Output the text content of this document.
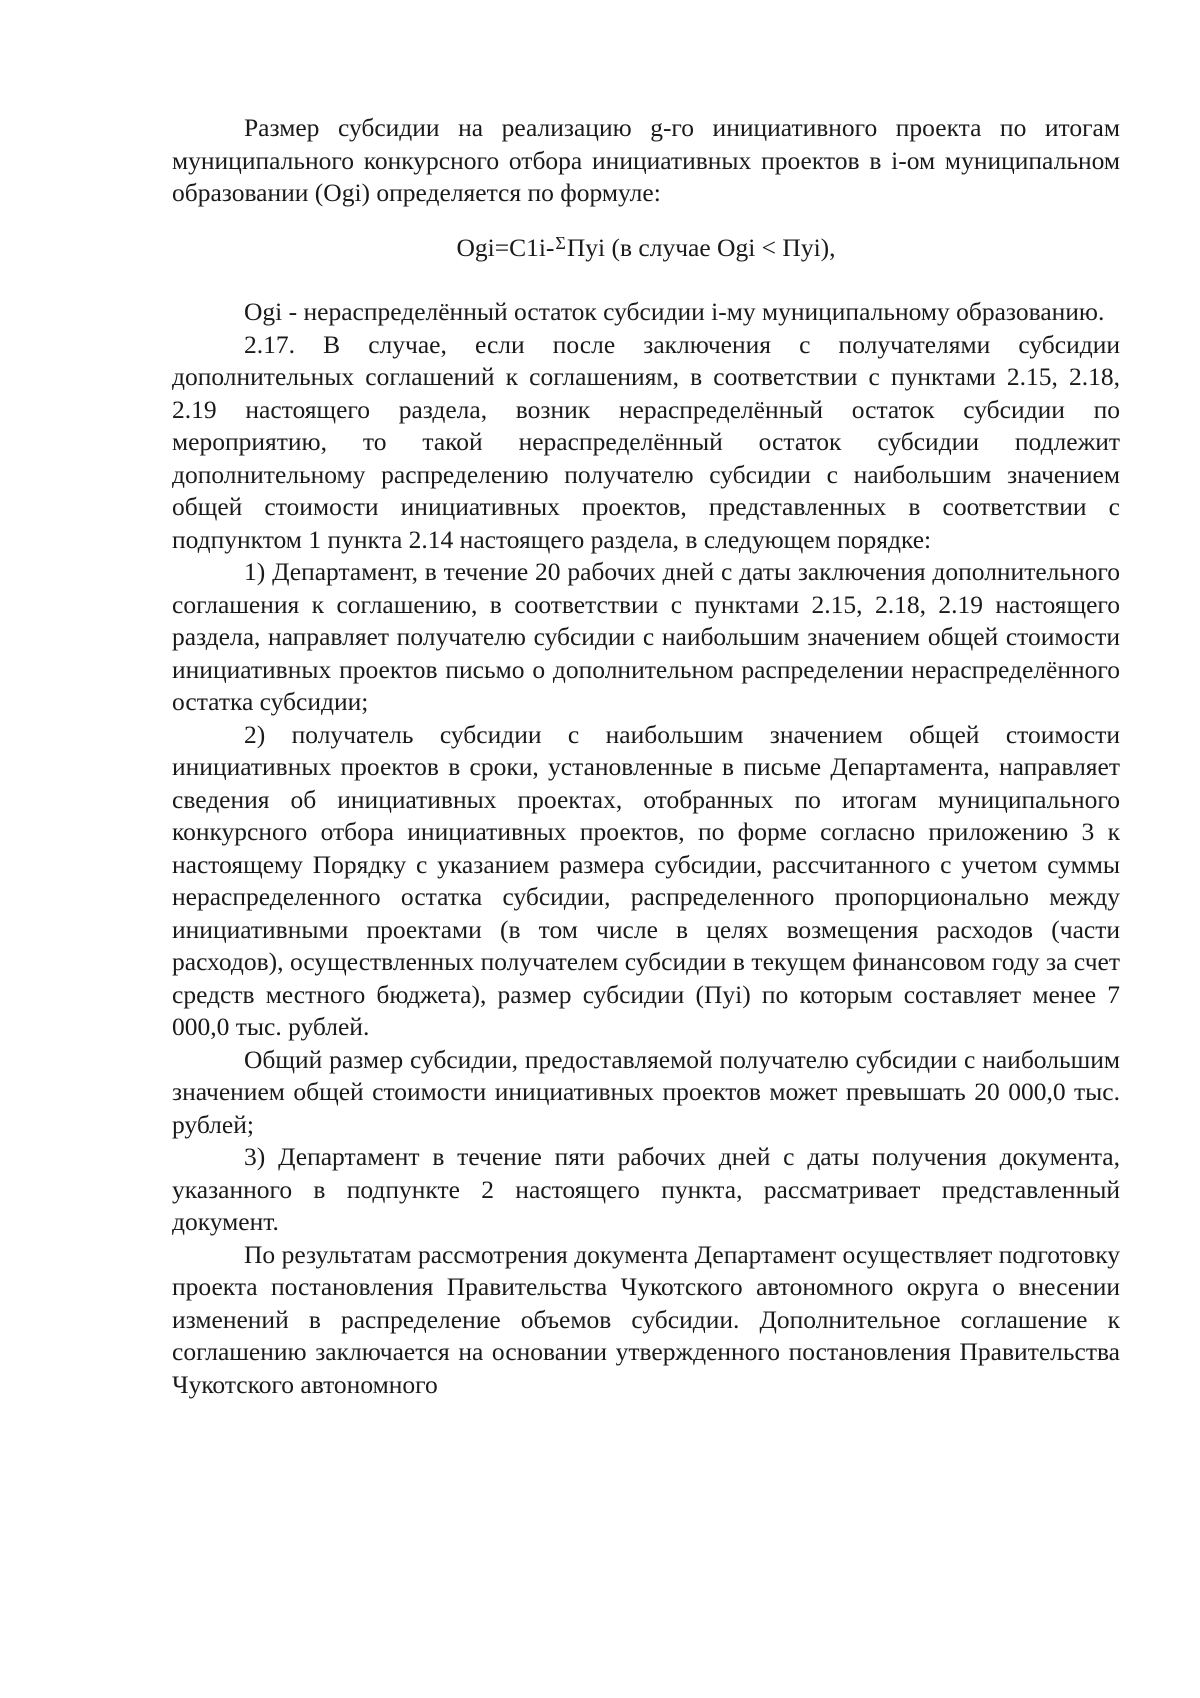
Размер субсидии на реализацию g-го инициативного проекта по итогам муниципального конкурсного отбора инициативных проектов в i-ом муниципальном образовании (Оgi) определяется по формуле:

Оgi=С1i-$^\Sigma$Пуi (в случае Оgi < Пуi),

Оgi - нераспределённый остаток субсидии i-му муниципальному образованию.

2.17. В случае, если после заключения с получателями субсидии дополнительных соглашений к соглашениям, в соответствии с пунктами 2.15, 2.18, 2.19 настоящего раздела, возник нераспределённый остаток субсидии по мероприятию, то такой нераспределённый остаток субсидии подлежит дополнительному распределению получателю субсидии с наибольшим значением общей стоимости инициативных проектов, представленных в соответствии с подпунктом 1 пункта 2.14 настоящего раздела, в следующем порядке:

1) Департамент, в течение 20 рабочих дней с даты заключения дополнительного соглашения к соглашению, в соответствии с пунктами 2.15, 2.18, 2.19 настоящего раздела, направляет получателю субсидии с наибольшим значением общей стоимости инициативных проектов письмо о дополнительном распределении нераспределённого остатка субсидии;

2) получатель субсидии с наибольшим значением общей стоимости инициативных проектов в сроки, установленные в письме Департамента, направляет сведения об инициативных проектах, отобранных по итогам муниципального конкурсного отбора инициативных проектов, по форме согласно приложению 3 к настоящему Порядку с указанием размера субсидии, рассчитанного с учетом суммы нераспределенного остатка субсидии, распределенного пропорционально между инициативными проектами (в том числе в целях возмещения расходов (части расходов), осуществленных получателем субсидии в текущем финансовом году за счет средств местного бюджета), размер субсидии (Пуi) по которым составляет менее 7 000,0 тыс. рублей.

Общий размер субсидии, предоставляемой получателю субсидии с наибольшим значением общей стоимости инициативных проектов может превышать 20 000,0 тыс. рублей;

3) Департамент в течение пяти рабочих дней с даты получения документа, указанного в подпункте 2 настоящего пункта, рассматривает представленный документ.

По результатам рассмотрения документа Департамент осуществляет подготовку проекта постановления Правительства Чукотского автономного округа о внесении изменений в распределение объемов субсидии. Дополнительное соглашение к соглашению заключается на основании утвержденного постановления Правительства Чукотского автономного
